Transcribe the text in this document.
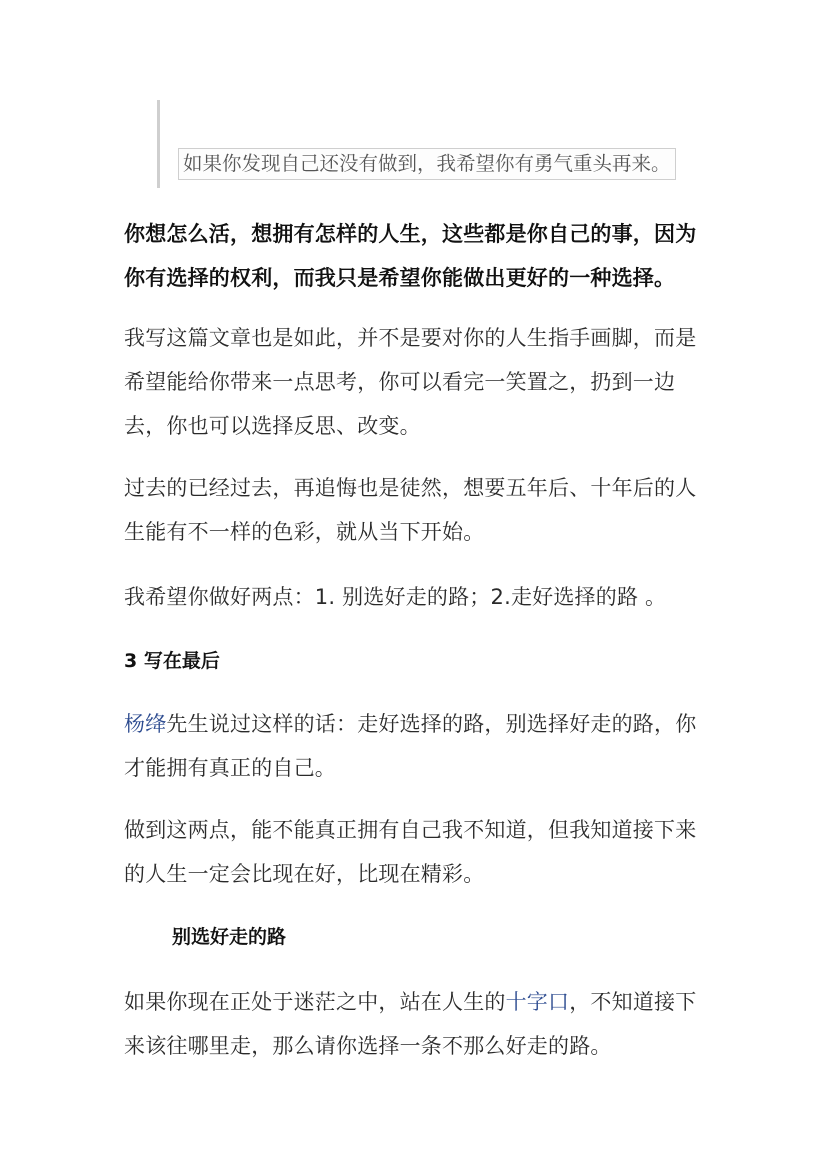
如果你发现自己还没有做到，我希望你有勇气重头再来。
你想怎么活，想拥有怎样的人生，这些都是你自己的事，因为你有选择的权利，而我只是希望你能做出更好的一种选择。
我写这篇文章也是如此，并不是要对你的人生指手画脚，而是希望能给你带来一点思考，你可以看完一笑置之，扔到一边去，你也可以选择反思、改变。
过去的已经过去，再追悔也是徒然，想要五年后、十年后的人生能有不一样的色彩，就从当下开始。
我希望你做好两点：1. 别选好走的路；2.走好选择的路 。
3 写在最后
杨绛先生说过这样的话：走好选择的路，别选择好走的路，你才能拥有真正的自己。
做到这两点，能不能真正拥有自己我不知道，但我知道接下来的人生一定会比现在好，比现在精彩。
别选好走的路
如果你现在正处于迷茫之中，站在人生的十字口，不知道接下来该往哪里走，那么请你选择一条不那么好走的路。
